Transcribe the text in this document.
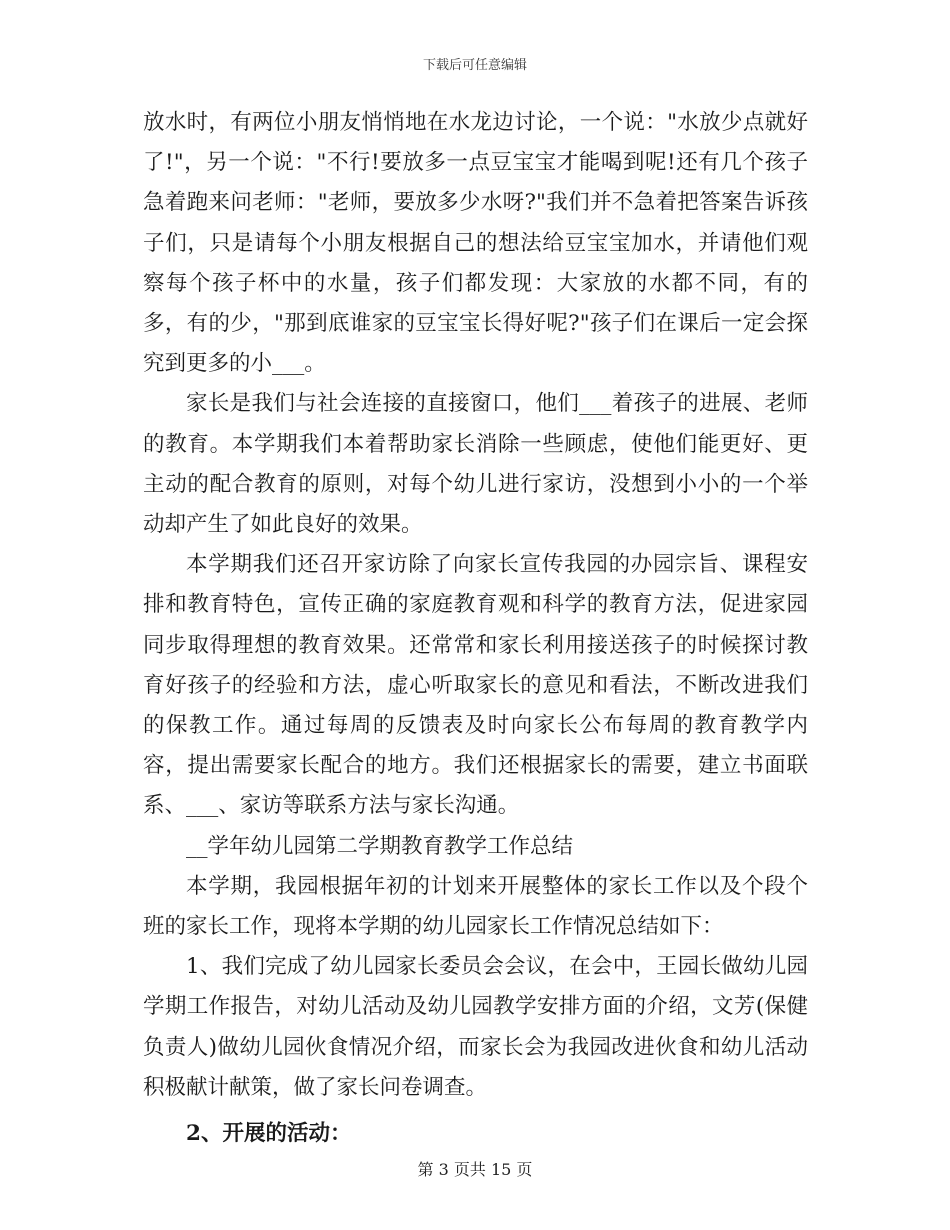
下载后可任意编辑

放水时，有两位小朋友悄悄地在水龙边讨论，一个说："水放少点就好了!"，另一个说："不行!要放多一点豆宝宝才能喝到呢!还有几个孩子急着跑来问老师："老师，要放多少水呀?"我们并不急着把答案告诉孩子们，只是请每个小朋友根据自己的想法给豆宝宝加水，并请他们观察每个孩子杯中的水量，孩子们都发现：大家放的水都不同，有的多，有的少，"那到底谁家的豆宝宝长得好呢?"孩子们在课后一定会探究到更多的小___。

家长是我们与社会连接的直接窗口，他们___着孩子的进展、老师的教育。本学期我们本着帮助家长消除一些顾虑，使他们能更好、更主动的配合教育的原则，对每个幼儿进行家访，没想到小小的一个举动却产生了如此良好的效果。

本学期我们还召开家访除了向家长宣传我园的办园宗旨、课程安排和教育特色，宣传正确的家庭教育观和科学的教育方法，促进家园同步取得理想的教育效果。还常常和家长利用接送孩子的时候探讨教育好孩子的经验和方法，虚心听取家长的意见和看法，不断改进我们的保教工作。通过每周的反馈表及时向家长公布每周的教育教学内容，提出需要家长配合的地方。我们还根据家长的需要，建立书面联系、___、家访等联系方法与家长沟通。

__学年幼儿园第二学期教育教学工作总结

本学期，我园根据年初的计划来开展整体的家长工作以及个段个班的家长工作，现将本学期的幼儿园家长工作情况总结如下：

1、我们完成了幼儿园家长委员会会议，在会中，王园长做幼儿园学期工作报告，对幼儿活动及幼儿园教学安排方面的介绍，文芳(保健负责人)做幼儿园伙食情况介绍，而家长会为我园改进伙食和幼儿活动积极献计献策，做了家长问卷调查。

2、开展的活动：

第 3 页共 15 页
